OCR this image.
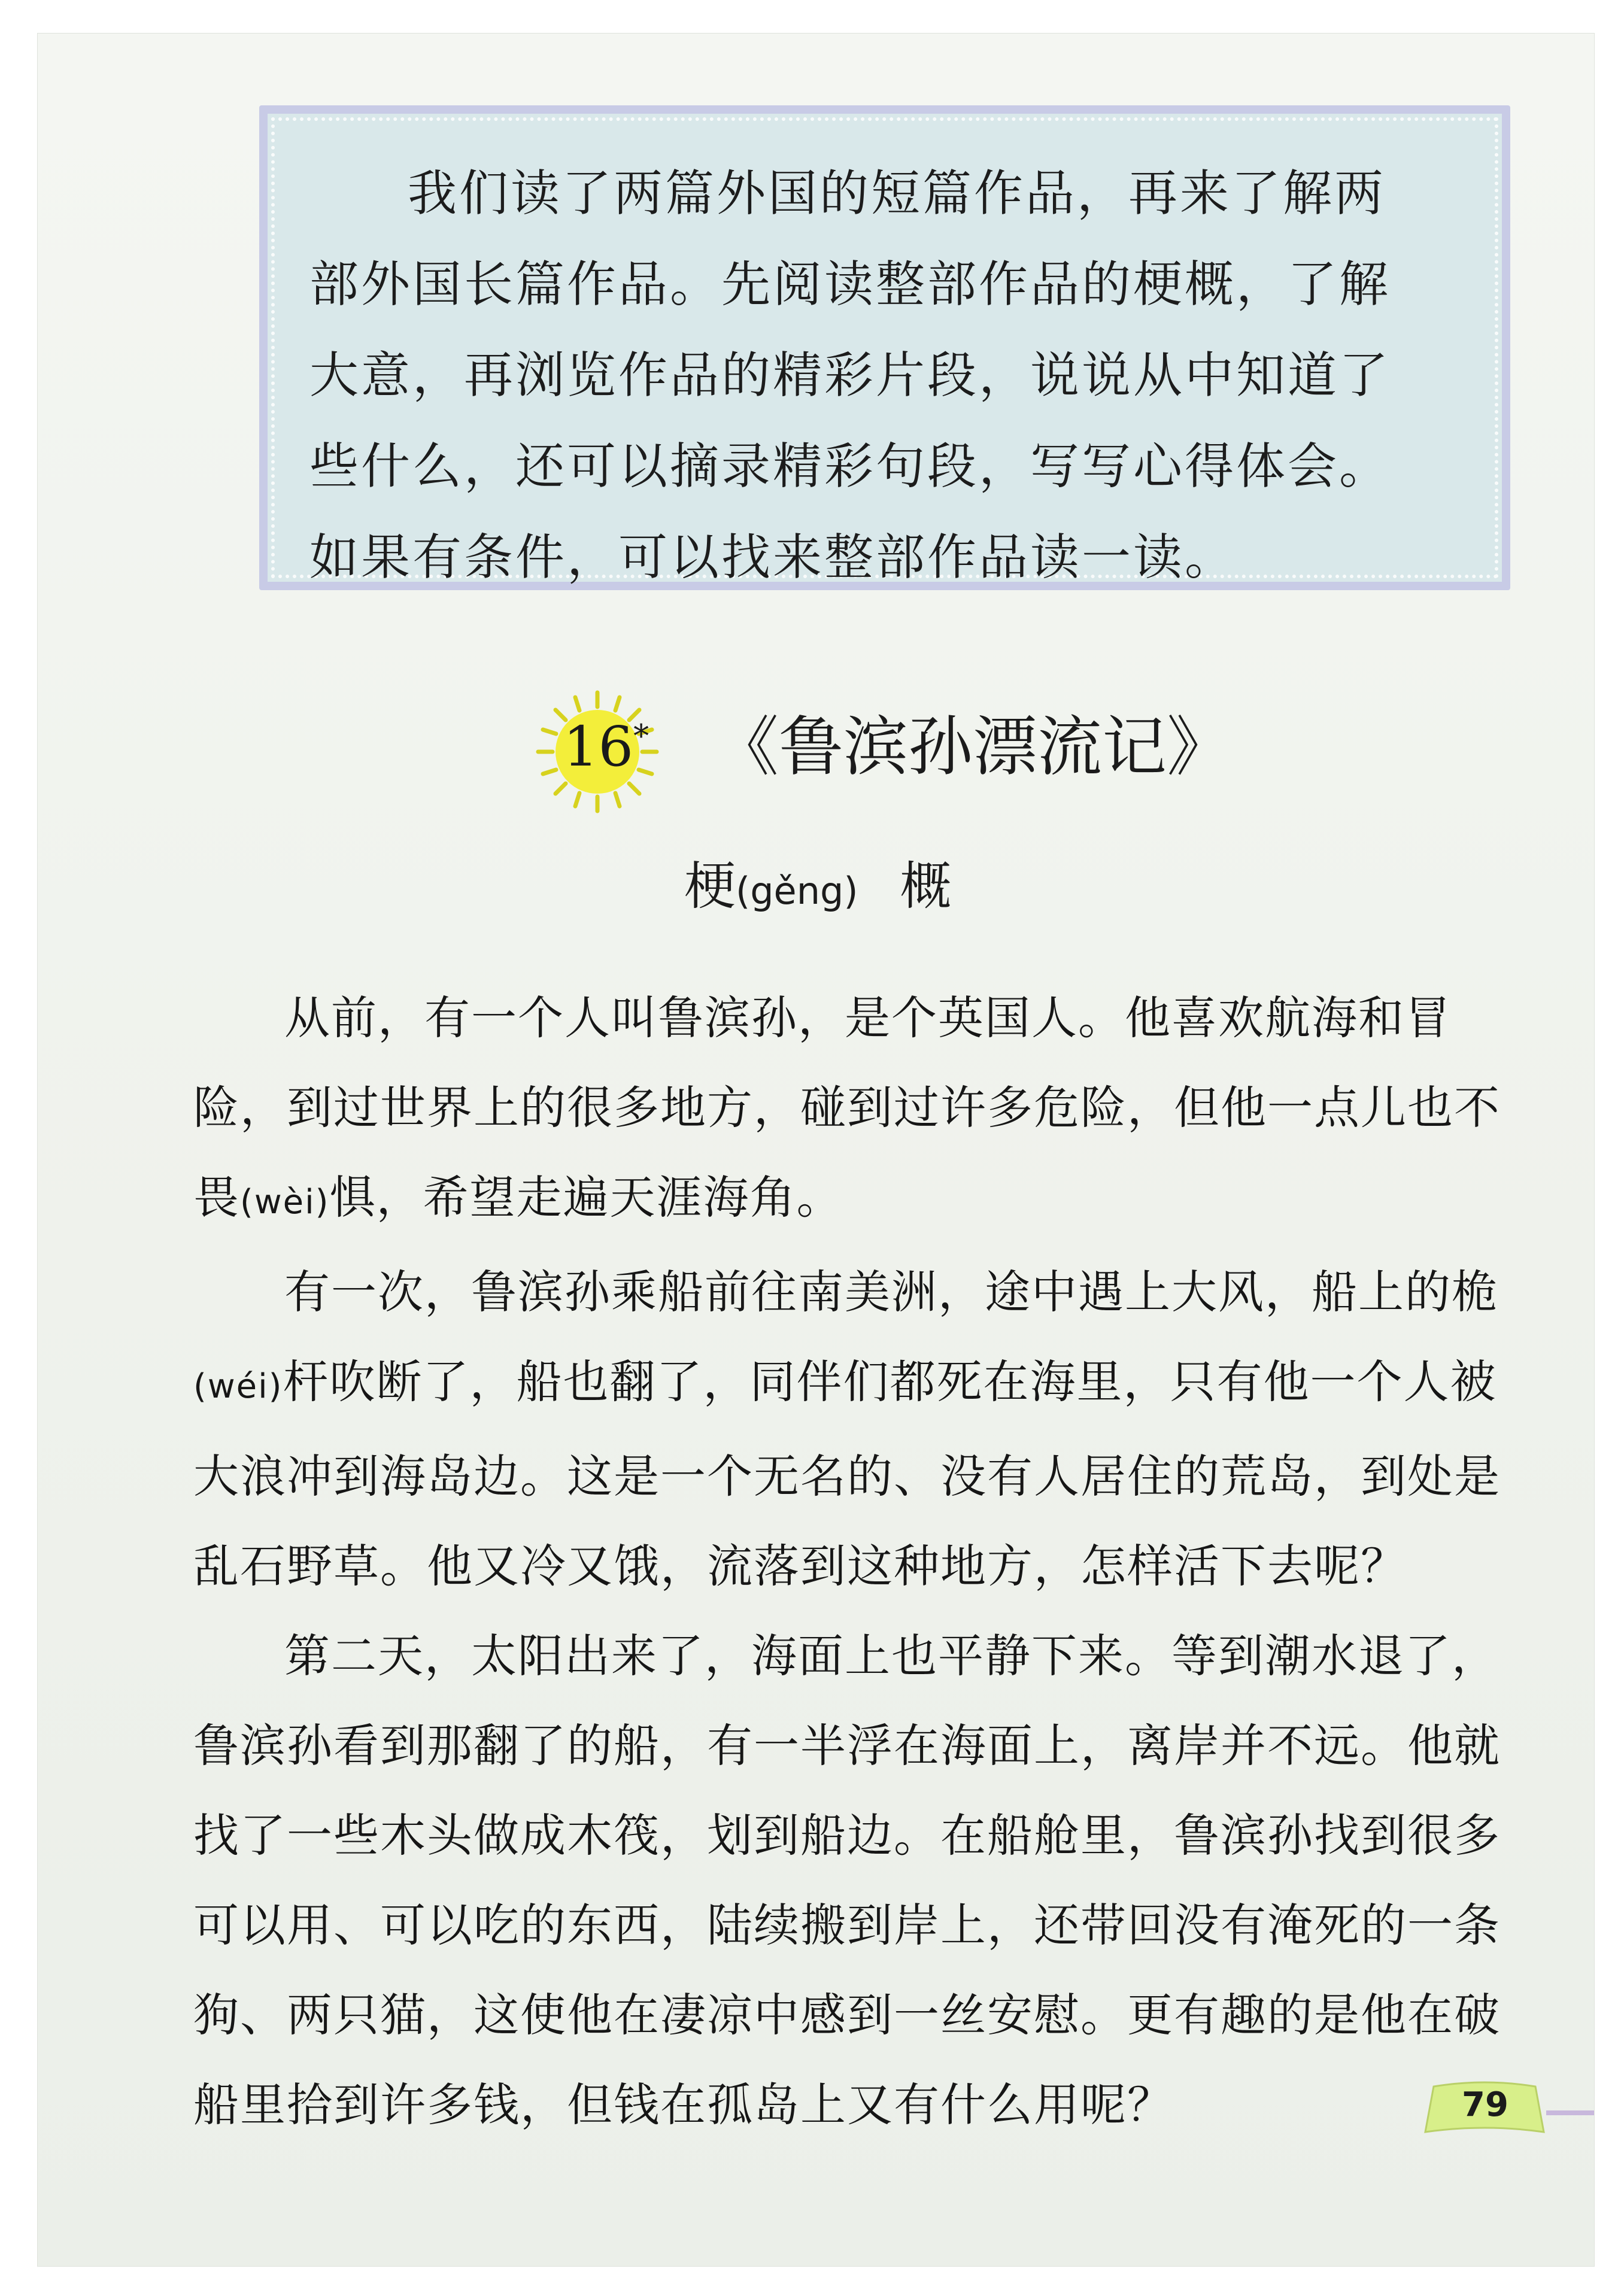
我们读了两篇外国的短篇作品，再来了解两部外国长篇作品。先阅读整部作品的梗概，了解大意，再浏览作品的精彩片段，说说从中知道了些什么，还可以摘录精彩句段，写写心得体会。如果有条件，可以找来整部作品读一读。

16* 《鲁滨孙漂流记》
梗(gěng) 概

从前，有一个人叫鲁滨孙，是个英国人。他喜欢航海和冒险，到过世界上的很多地方，碰到过许多危险，但他一点儿也不畏(wèi)惧，希望走遍天涯海角。

有一次，鲁滨孙乘船前往南美洲，途中遇上大风，船上的桅(wéi)杆吹断了，船也翻了，同伴们都死在海里，只有他一个人被大浪冲到海岛边。这是一个无名的、没有人居住的荒岛，到处是乱石野草。他又冷又饿，流落到这种地方，怎样活下去呢？

第二天，太阳出来了，海面上也平静下来。等到潮水退了，鲁滨孙看到那翻了的船，有一半浮在海面上，离岸并不远。他就找了一些木头做成木筏，划到船边。在船舱里，鲁滨孙找到很多可以用、可以吃的东西，陆续搬到岸上，还带回没有淹死的一条狗、两只猫，这使他在凄凉中感到一丝安慰。更有趣的是他在破船里拾到许多钱，但钱在孤岛上又有什么用呢？	79
